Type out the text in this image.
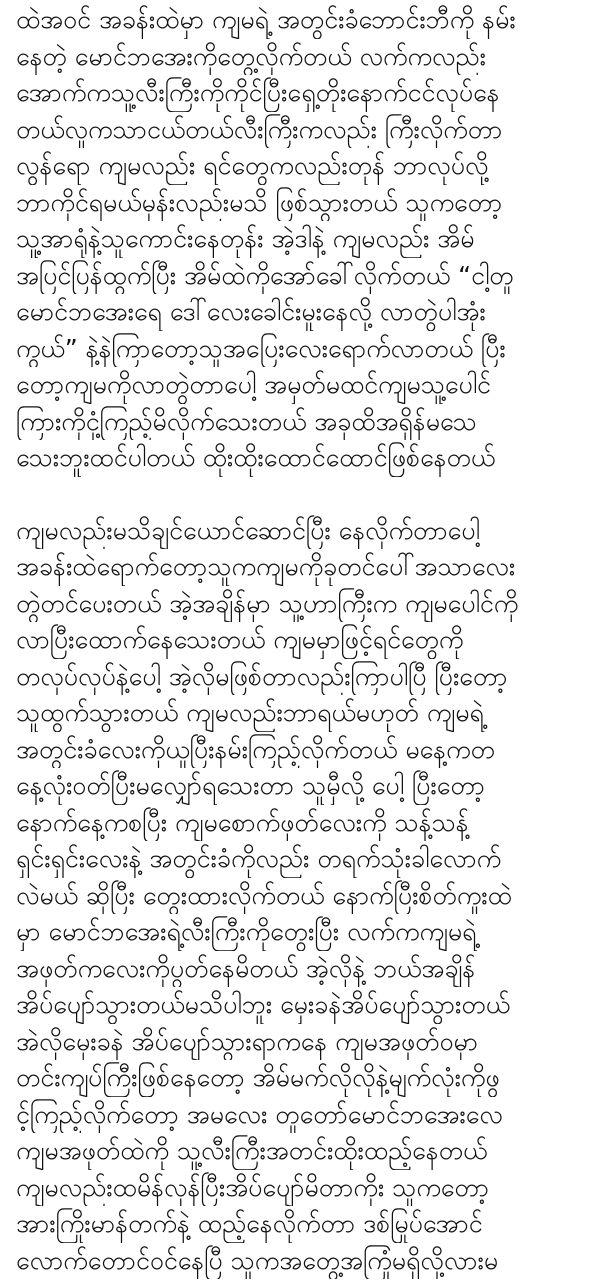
ထဲအဝင် အခန်းထဲမှာ ကျမရဲ့ အတွင်းခံဘောင်းဘီကို နမ်း
နေတဲ့ မောင်ဘအေးကိုတွေ့လိုက်တယ် လက်ကလည်း
အောက်ကသူ့လီးကြီးကိုကိုင်ပြီးရှေ့တိုးနောက်ငင်လုပ်နေ
တယ်လူကသာငယ်တယ်လီးကြီးကလည်း ကြီးလိုက်တာ
လွန်ရော ကျမလည်း ရင်တွေကလည်းတုန် ဘာလုပ်လို့
ဘာကိုင်ရမယ်မှန်းလည်းမသိ ဖြစ်သွားတယ် သူကတော့
သူ့အာရုံနဲ့သူကောင်းနေတုန်း အဲ့ဒါနဲ့ ကျမလည်း အိမ်
အပြင်ပြန်ထွက်ပြီး အိမ်ထဲကိုအော်ခေါ်လိုက်တယ် “ငါ့တူ
မောင်ဘအေးရေ ဒေါ်လေးခေါင်းမူးနေလို့ လာတွဲပါအုံး
ကွယ်” နဲ့နဲကြာတော့သူအပြေးလေးရောက်လာတယ် ပြီး
တော့ကျမကိုလာတွဲတာပေါ့ အမှတ်မထင်ကျမသူ့ပေါင်
ကြားကိုငုံ့ကြည့်မိလိုက်သေးတယ် အခုထိအရှိန်မသေ
သေးဘူးထင်ပါတယ် ထိုးထိုးထောင်ထောင်ဖြစ်နေတယ်
ကျမလည်းမသိချင်ယောင်ဆောင်ပြီး နေလိုက်တာပေါ့
အခန်းထဲရောက်တော့သူကကျမကိုခုတင်ပေါ်အသာလေး
တွဲတင်ပေးတယ် အဲ့အချိန်မှာ သူ့ဟာကြီးက ကျမပေါင်ကို
လာပြီးထောက်နေသေးတယ် ကျမမှာဖြင့်ရင်တွေကို
တလှပ်လှပ်နဲ့ပေါ့ အဲ့လိုမဖြစ်တာလည်းကြာပါပြီ ပြီးတော့
သူထွက်သွားတယ် ကျမလည်းဘာရယ်မဟုတ် ကျမရဲ့
အတွင်းခံလေးကိုယူပြီးနမ်းကြည့်လိုက်တယ် မနေ့ကတ
နေ့လုံးဝတ်ပြီးမလျှော်ရသေးတာ သူမှီလို့ ပေါ့ ပြီးတော့
နောက်နေ့ကစပြီး ကျမစောက်ဖုတ်လေးကို သန့်သန့်
ရှင်းရှင်းလေးနဲ့ အတွင်းခံကိုလည်း တရက်သုံးခါလောက်
လဲမယ် ဆိုပြီး တွေးထားလိုက်တယ် နောက်ပြီးစိတ်ကူးထဲ
မှာ မောင်ဘအေးရဲ့လီးကြီးကိုတွေးပြီး လက်ကကျမရဲ့
အဖုတ်ကလေးကိုပွတ်နေမိတယ် အဲ့လိုနဲ့ ဘယ်အချိန်
အိပ်ပျော်သွားတယ်မသိပါဘူး မှေးခနဲအိပ်ပျော်သွားတယ်
အဲလိုမှေးခနဲ အိပ်ပျော်သွားရာကနေ ကျမအဖုတ်ဝမှာ
တင်းကျပ်ကြီးဖြစ်နေတော့ အိမ်မက်လိုလိုနဲ့မျက်လုံးကိုဖွ
င့်ကြည့်လိုက်တော့ အမလေး တူတော်မောင်ဘအေးလေ
ကျမအဖုတ်ထဲကို သူ့လီးကြီးအတင်းထိုးထည့်နေတယ်
ကျမလည်းထမိန်လှန်ပြီးအိပ်ပျော်မိတာကိုး သူကတော့
အားကြိုးမာန်တက်နဲ့ ထည့်နေလိုက်တာ ဒစ်မြုပ်အောင်
လောက်တောင်ဝင်နေပြီ သူကအတွေ့အကြုံမရှိလို့လားမ
